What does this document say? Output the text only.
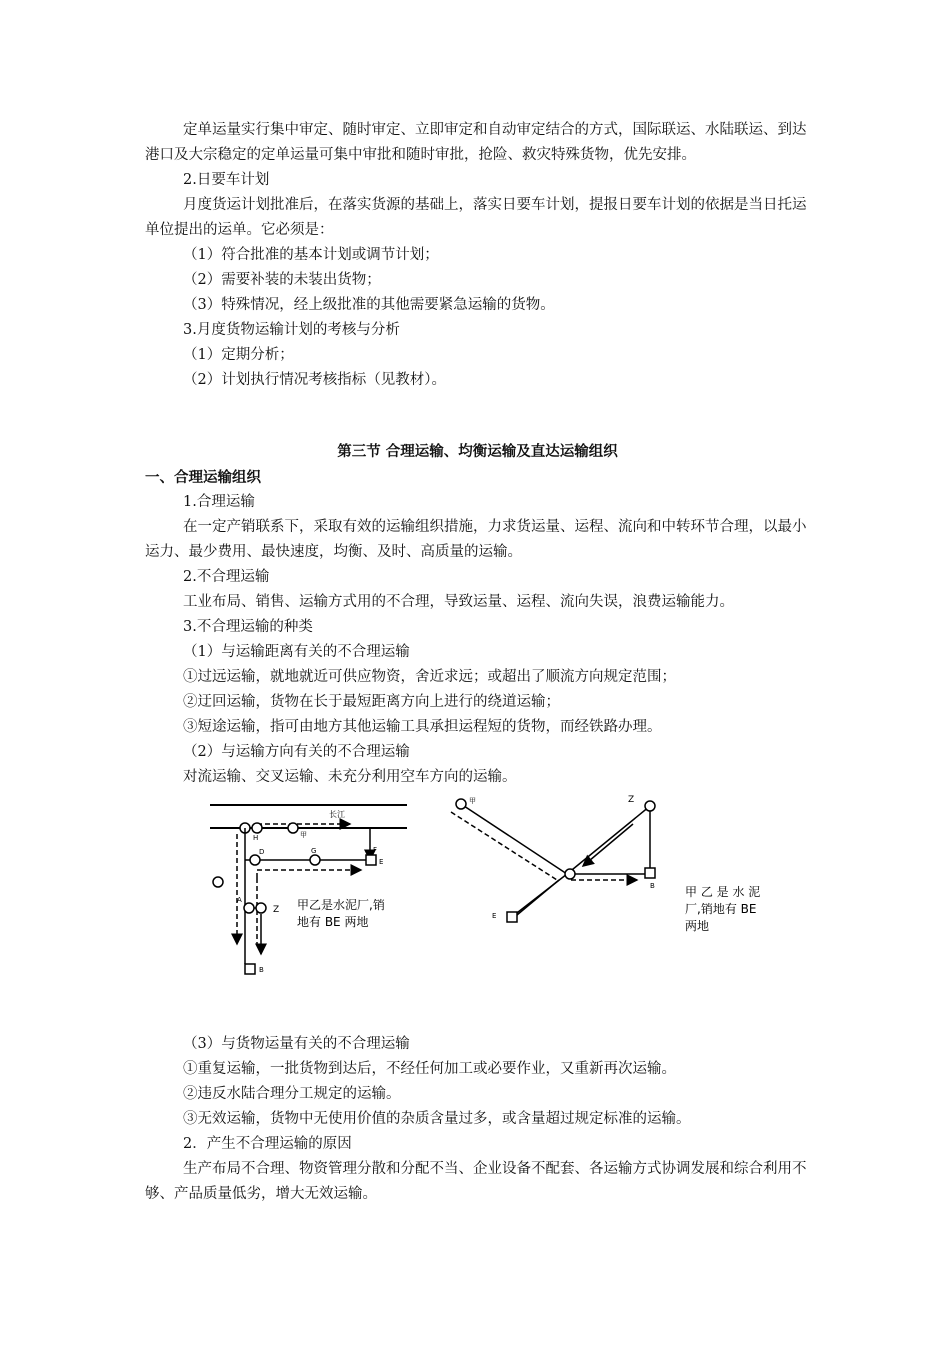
定单运量实行集中审定、随时审定、立即审定和自动审定结合的方式，国际联运、水陆联运、到达港口及大宗稳定的定单运量可集中审批和随时审批，抢险、救灾特殊货物，优先安排。

2.日要车计划

月度货运计划批准后，在落实货源的基础上，落实日要车计划，提报日要车计划的依据是当日托运单位提出的运单。它必须是：

（1）符合批准的基本计划或调节计划；

（2）需要补装的未装出货物；

（3）特殊情况，经上级批准的其他需要紧急运输的货物。

3.月度货物运输计划的考核与分析

（1）定期分析；

（2）计划执行情况考核指标（见教材）。

第三节 合理运输、均衡运输及直达运输组织

一、合理运输组织

1.合理运输

在一定产销联系下，采取有效的运输组织措施，力求货运量、运程、流向和中转环节合理，以最小运力、最少费用、最快速度，均衡、及时、高质量的运输。

2.不合理运输

工业布局、销售、运输方式用的不合理，导致运量、运程、流向失误，浪费运输能力。

3.不合理运输的种类

（1）与运输距离有关的不合理运输

①过远运输，就地就近可供应物资，舍近求远；或超出了顺流方向规定范围；

②迂回运输，货物在长于最短距离方向上进行的绕道运输；

③短途运输，指可由地方其他运输工具承担运程短的货物，而经铁路办理。

（2）与运输方向有关的不合理运输

对流运输、交叉运输、未充分利用空车方向的运输。

长江
H	甲
F
D	G
E
A
Z
B
甲乙是水泥厂,销
地有 BE 两地
甲	Z
B
E
甲 乙 是 水 泥
厂,销地有 BE
两地

（3）与货物运量有关的不合理运输

①重复运输，一批货物到达后，不经任何加工或必要作业，又重新再次运输。

②违反水陆合理分工规定的运输。

③无效运输，货物中无使用价值的杂质含量过多，或含量超过规定标准的运输。

2．产生不合理运输的原因

生产布局不合理、物资管理分散和分配不当、企业设备不配套、各运输方式协调发展和综合利用不够、产品质量低劣，增大无效运输。
